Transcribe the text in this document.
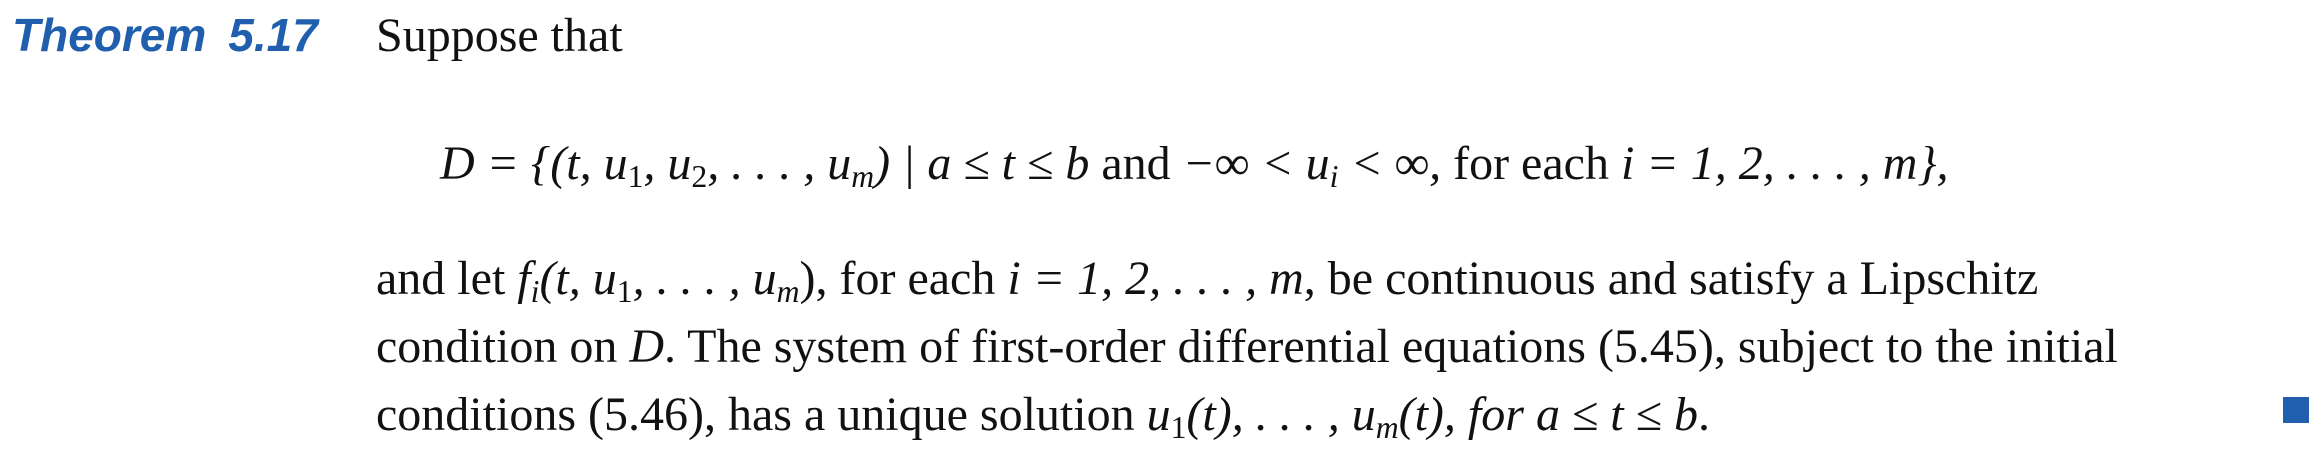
Theorem 5.17 Suppose that
D = {(t, $u_1$, $u_2$, . . . , $u_m$) | a ≤ t ≤ b and −∞ < $u_i$ < ∞, for each i = 1, 2, . . . , m},
and let $f_i(t$, $u_1$, . . . , $u_m$), for each i = 1, 2, . . . , m, be continuous and satisfy a Lipschitz
condition on D. The system of first-order differential equations (5.45), subject to the initial
conditions (5.46), has a unique solution $u_1(t)$, . . . , $u_m(t)$, for a ≤ t ≤ b.
